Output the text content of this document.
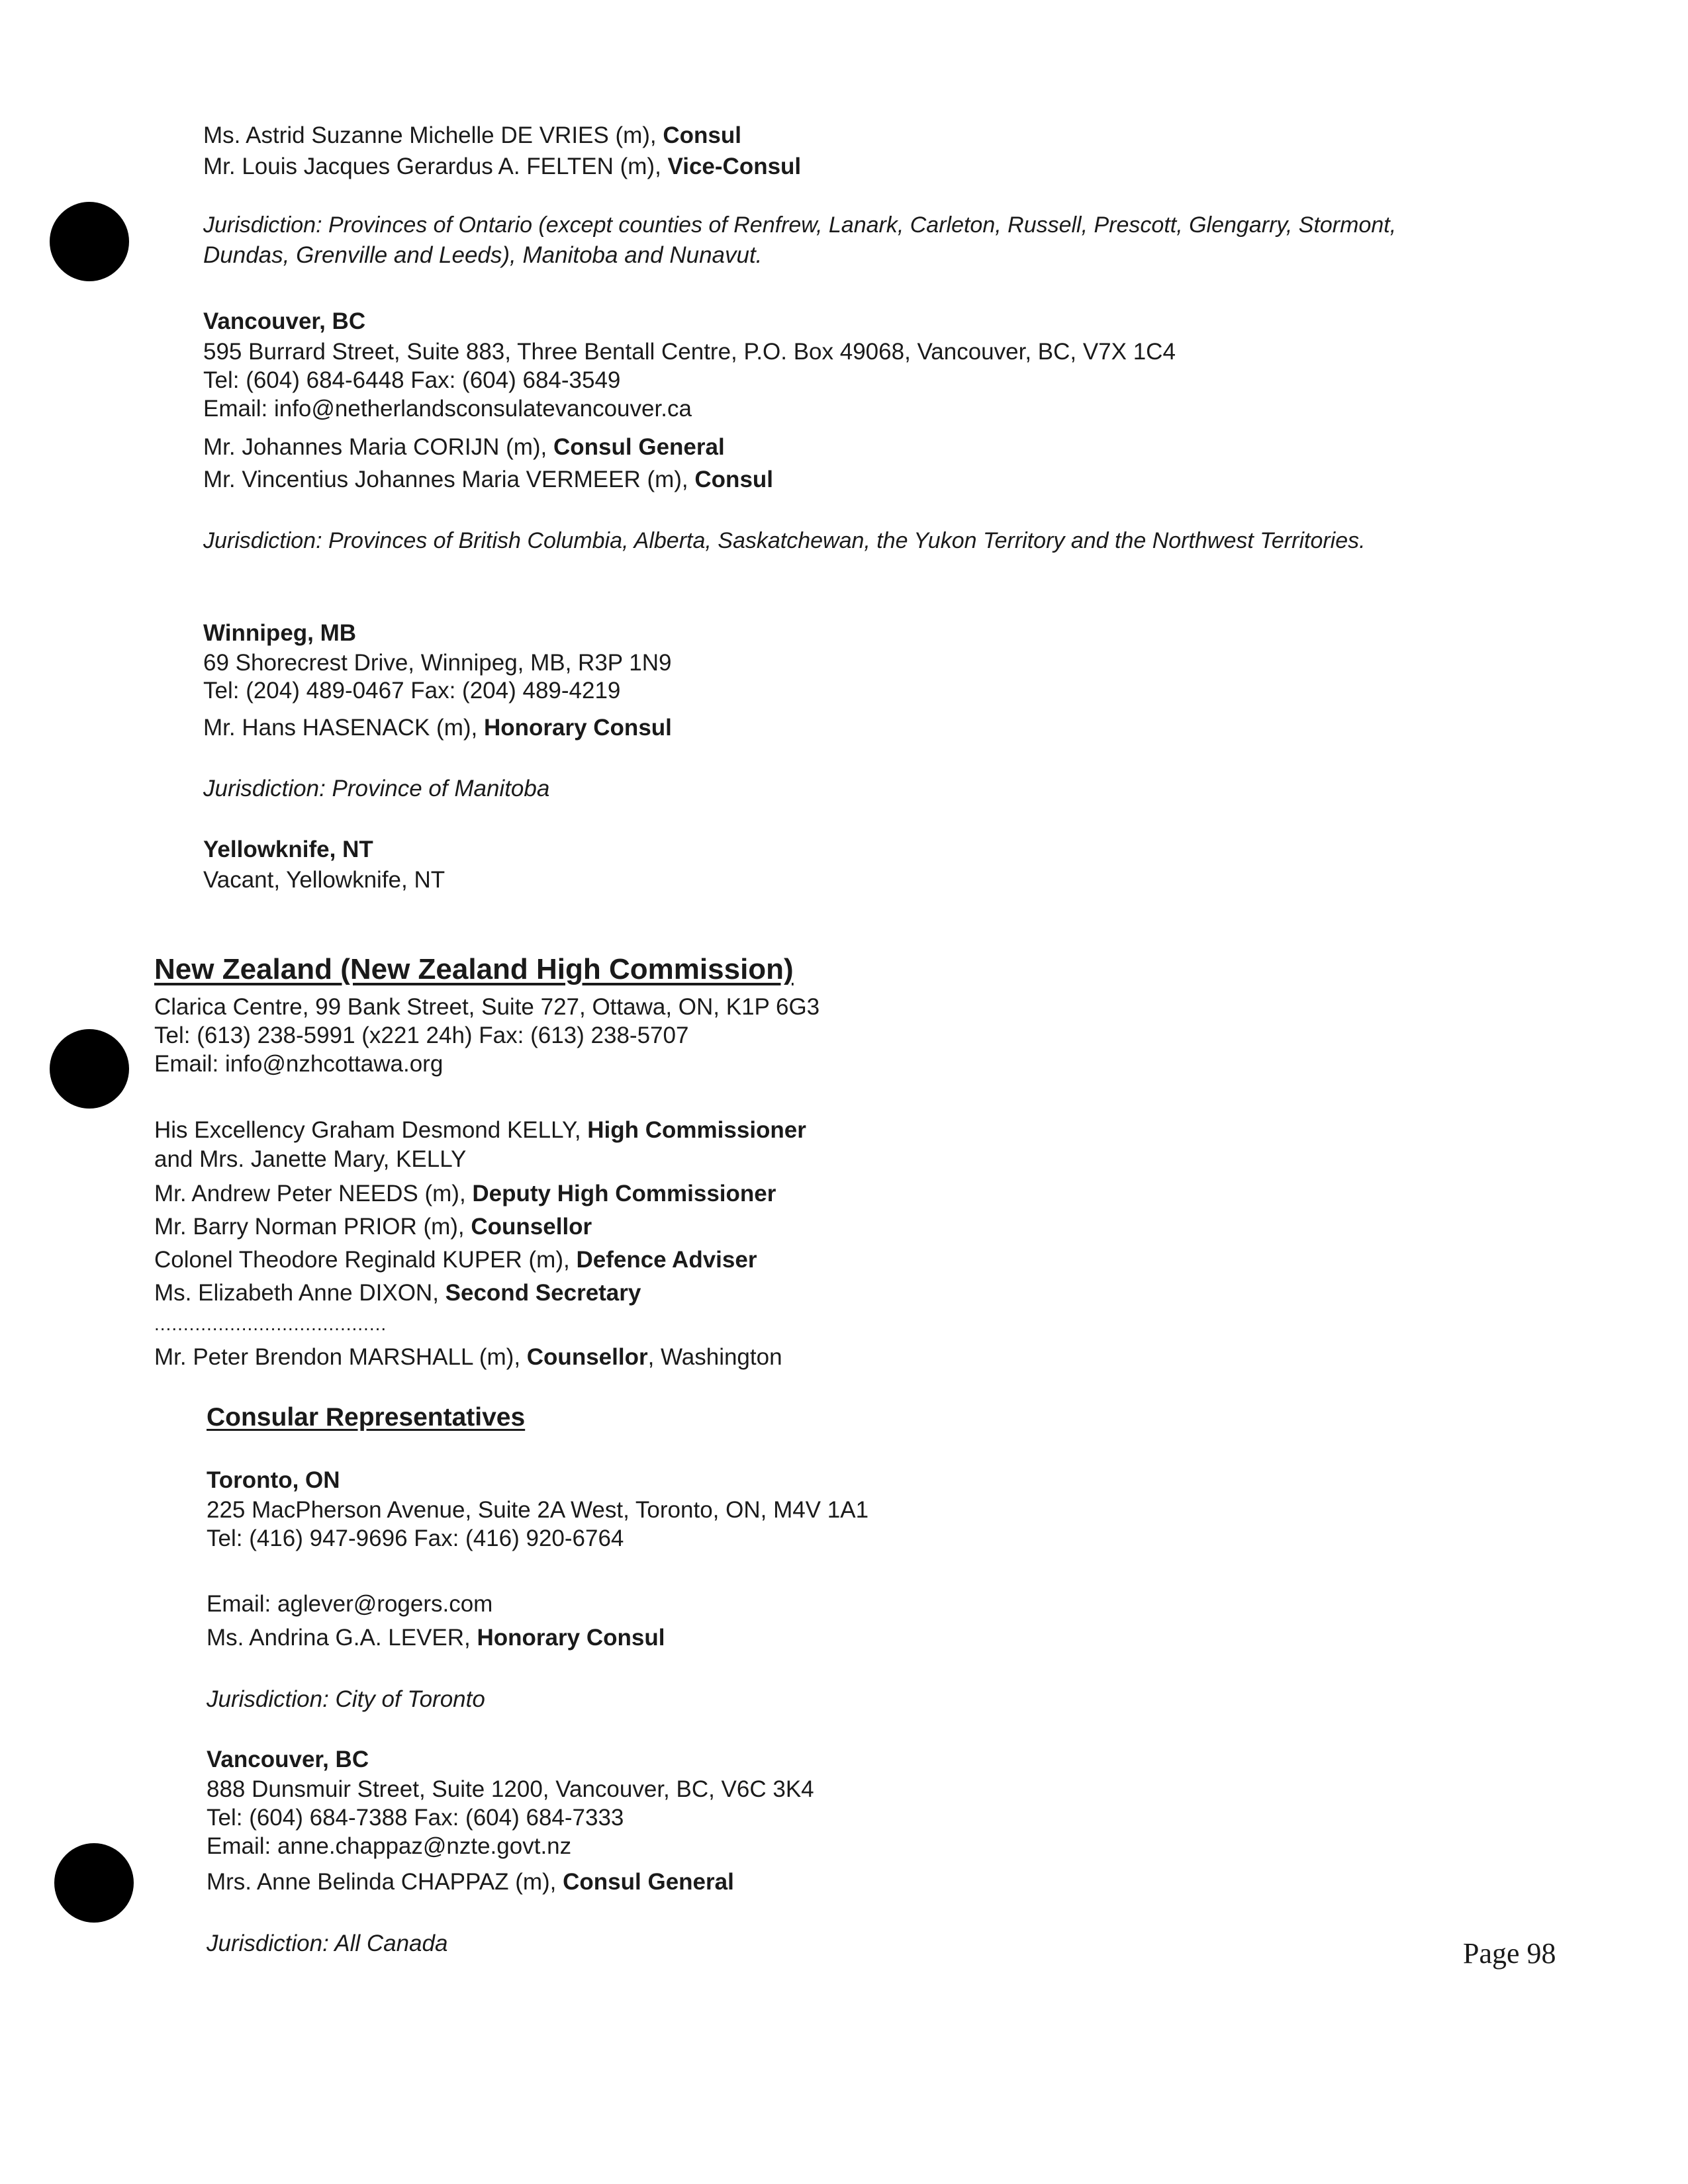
Ms. Astrid Suzanne Michelle DE VRIES (m), Consul
Mr. Louis Jacques Gerardus A. FELTEN (m), Vice-Consul
Jurisdiction: Provinces of Ontario (except counties of Renfrew, Lanark, Carleton, Russell, Prescott, Glengarry, Stormont,
Dundas, Grenville and Leeds), Manitoba and Nunavut.
Vancouver, BC
595 Burrard Street, Suite 883, Three Bentall Centre, P.O. Box 49068, Vancouver, BC, V7X 1C4
Tel: (604) 684-6448 Fax: (604) 684-3549
Email: info@netherlandsconsulatevancouver.ca
Mr. Johannes Maria CORIJN (m), Consul General
Mr. Vincentius Johannes Maria VERMEER (m), Consul
Jurisdiction: Provinces of British Columbia, Alberta, Saskatchewan, the Yukon Territory and the Northwest Territories.
Winnipeg, MB
69 Shorecrest Drive, Winnipeg, MB, R3P 1N9
Tel: (204) 489-0467 Fax: (204) 489-4219
Mr. Hans HASENACK (m), Honorary Consul
Jurisdiction: Province of Manitoba
Yellowknife, NT
Vacant, Yellowknife, NT
New Zealand (New Zealand High Commission)
Clarica Centre, 99 Bank Street, Suite 727, Ottawa, ON, K1P 6G3
Tel: (613) 238-5991 (x221 24h) Fax: (613) 238-5707
Email: info@nzhcottawa.org
His Excellency Graham Desmond KELLY, High Commissioner
and Mrs. Janette Mary, KELLY
Mr. Andrew Peter NEEDS (m), Deputy High Commissioner
Mr. Barry Norman PRIOR (m), Counsellor
Colonel Theodore Reginald KUPER (m), Defence Adviser
Ms. Elizabeth Anne DIXON, Second Secretary
........................................
Mr. Peter Brendon MARSHALL (m), Counsellor, Washington
Consular Representatives
Toronto, ON
225 MacPherson Avenue, Suite 2A West, Toronto, ON, M4V 1A1
Tel: (416) 947-9696 Fax: (416) 920-6764
Email: aglever@rogers.com
Ms. Andrina G.A. LEVER, Honorary Consul
Jurisdiction: City of Toronto
Vancouver, BC
888 Dunsmuir Street, Suite 1200, Vancouver, BC, V6C 3K4
Tel: (604) 684-7388 Fax: (604) 684-7333
Email: anne.chappaz@nzte.govt.nz
Mrs. Anne Belinda CHAPPAZ (m), Consul General
Jurisdiction: All Canada	Page 98
